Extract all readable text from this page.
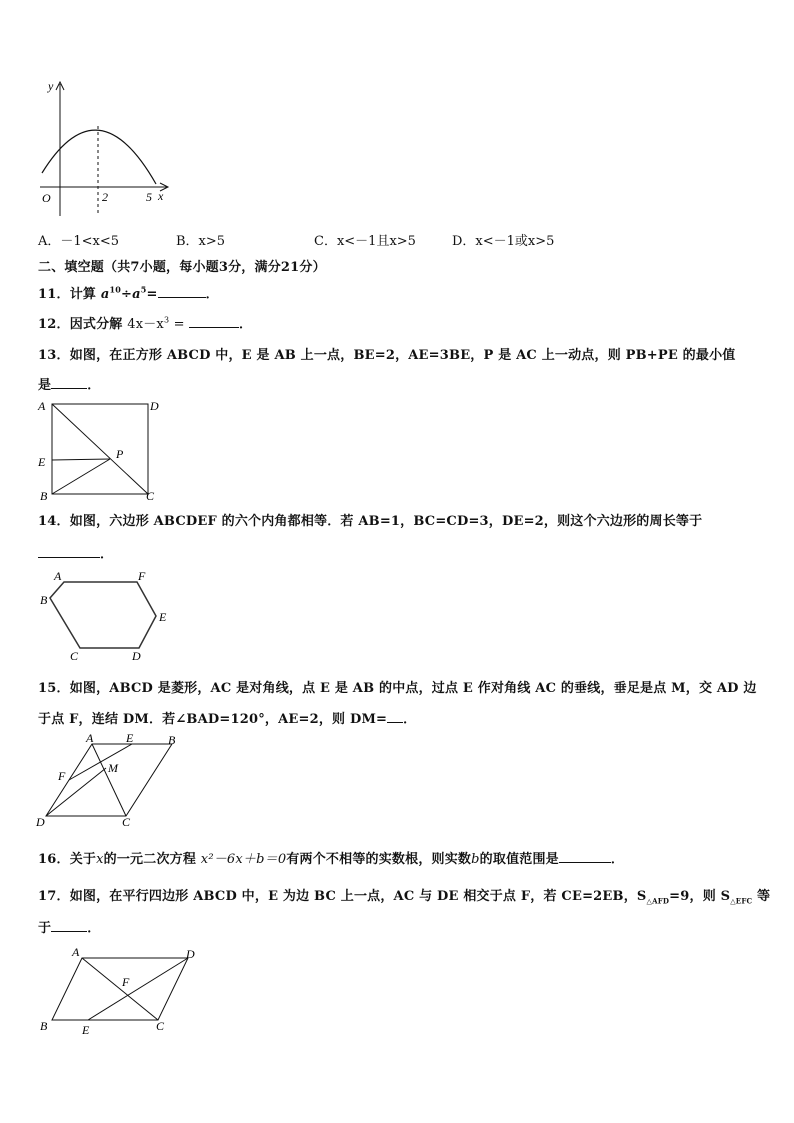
y
x
O	2	5
A．－1<x<5	B．x>5	C．x<－1且x>5	D．x<－1或x>5
二、填空题（共7小题，每小题3分，满分21分）
11．计算 $a^{10}\div a^5=$	．
12．因式分解 $4x-x^3$ =	．
13．如图，在正方形 ABCD 中，E 是 AB 上一点，BE=2，AE=3BE，P 是 AC 上一动点，则 PB+PE 的最小值
是	．
A	D
E
P
B	C
14．如图，六边形 ABCDEF 的六个内角都相等．若 AB=1，BC=CD=3，DE=2，则这个六边形的周长等于
．
A	F
B
E
C	D
15．如图，ABCD 是菱形，AC 是对角线，点 E 是 AB 的中点，过点 E 作对角线 AC 的垂线，垂足是点 M，交 AD 边
于点 F，连结 DM．若∠BAD=120°，AE=2，则 DM= ．
A	E	B
F
M
D	C
16．关于x的一元二次方程 x²－6x＋b＝0有两个不相等的实数根，则实数b的取值范围是	．
17．如图，在平行四边形 ABCD 中，E 为边 BC 上一点，AC 与 DE 相交于点 F，若 CE=2EB，$S_{\triangle AFD}=9$，则 $S_{\triangle EFC}$ 等
于	．
A	D
F
B	E	C
